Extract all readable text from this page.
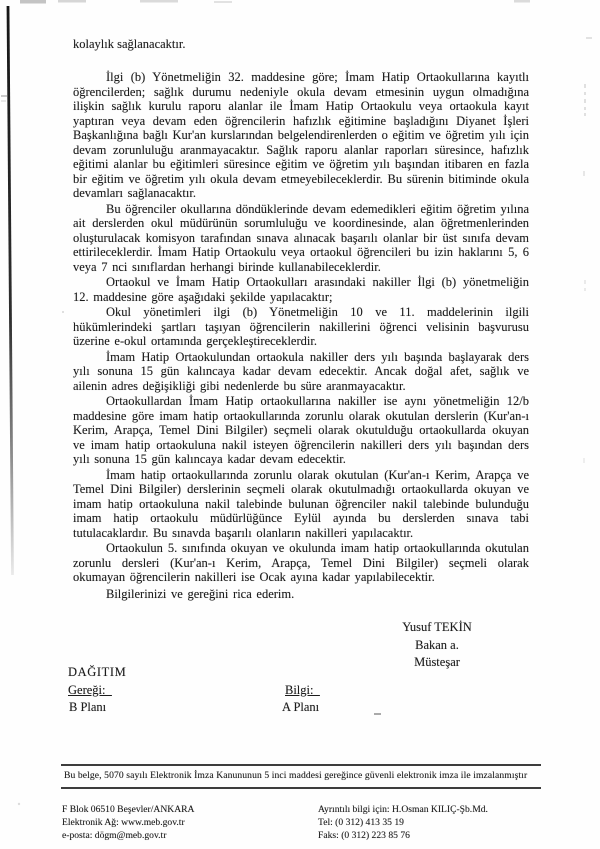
kolaylık sağlanacaktır.

İlgi (b) Yönetmeliğin 32. maddesine göre; İmam Hatip Ortaokullarına kayıtlı öğrencilerden; sağlık durumu nedeniyle okula devam etmesinin uygun olmadığına ilişkin sağlık kurulu raporu alanlar ile İmam Hatip Ortaokulu veya ortaokula kayıt yaptıran veya devam eden öğrencilerin hafızlık eğitimine başladığını Diyanet İşleri Başkanlığına bağlı Kur'an kurslarından belgelendirenlerden o eğitim ve öğretim yılı için devam zorunluluğu aranmayacaktır. Sağlık raporu alanlar raporları süresince, hafızlık eğitimi alanlar bu eğitimleri süresince eğitim ve öğretim yılı başından itibaren en fazla bir eğitim ve öğretim yılı okula devam etmeyebileceklerdir. Bu sürenin bitiminde okula devamları sağlanacaktır.

Bu öğrenciler okullarına döndüklerinde devam edemedikleri eğitim öğretim yılına ait derslerden okul müdürünün sorumluluğu ve koordinesinde, alan öğretmenlerinden oluşturulacak komisyon tarafından sınava alınacak başarılı olanlar bir üst sınıfa devam ettirileceklerdir. İmam Hatip Ortaokulu veya ortaokul öğrencileri bu izin haklarını 5, 6 veya 7 nci sınıflardan herhangi birinde kullanabileceklerdir.

Ortaokul ve İmam Hatip Ortaokulları arasındaki nakiller İlgi (b) yönetmeliğin 12. maddesine göre aşağıdaki şekilde yapılacaktır;

Okul yönetimleri ilgi (b) Yönetmeliğin 10 ve 11. maddelerinin ilgili hükümlerindeki şartları taşıyan öğrencilerin nakillerini öğrenci velisinin başvurusu üzerine e-okul ortamında gerçekleştireceklerdir.

İmam Hatip Ortaokulundan ortaokula nakiller ders yılı başında başlayarak ders yılı sonuna 15 gün kalıncaya kadar devam edecektir. Ancak doğal afet, sağlık ve ailenin adres değişikliği gibi nedenlerde bu süre aranmayacaktır.

Ortaokullardan İmam Hatip ortaokullarına nakiller ise aynı yönetmeliğin 12/b maddesine göre imam hatip ortaokullarında zorunlu olarak okutulan derslerin (Kur'an-ı Kerim, Arapça, Temel Dini Bilgiler) seçmeli olarak okutulduğu ortaokullarda okuyan ve imam hatip ortaokuluna nakil isteyen öğrencilerin nakilleri ders yılı başından ders yılı sonuna 15 gün kalıncaya kadar devam edecektir.

İmam hatip ortaokullarında zorunlu olarak okutulan (Kur'an-ı Kerim, Arapça ve Temel Dini Bilgiler) derslerinin seçmeli olarak okutulmadığı ortaokullarda okuyan ve imam hatip ortaokuluna nakil talebinde bulunan öğrenciler nakil talebinde bulunduğu imam hatip ortaokulu müdürlüğünce Eylül ayında bu derslerden sınava tabi tutulacaklardır. Bu sınavda başarılı olanların nakilleri yapılacaktır.

Ortaokulun 5. sınıfında okuyan ve okulunda imam hatip ortaokullarında okutulan zorunlu dersleri (Kur'an-ı Kerim, Arapça, Temel Dini Bilgiler) seçmeli olarak okumayan öğrencilerin nakilleri ise Ocak ayına kadar yapılabilecektir.

Bilgilerinizi ve gereğini rica ederim.

Yusuf TEKİN
Bakan a.
Müsteşar
DAĞITIM
Gereği:	Bilgi:
B Planı	A Planı
Bu belge, 5070 sayılı Elektronik İmza Kanununun 5 inci maddesi gereğince güvenli elektronik imza ile imzalanmıştır
F Blok 06510 Beşevler/ANKARA
Elektronik Ağ: www.meb.gov.tr
e-posta: dögm@meb.gov.tr
Ayrıntılı bilgi için: H.Osman KILIÇ-Şb.Md.
Tel: (0 312) 413 35 19
Faks: (0 312) 223 85 76
